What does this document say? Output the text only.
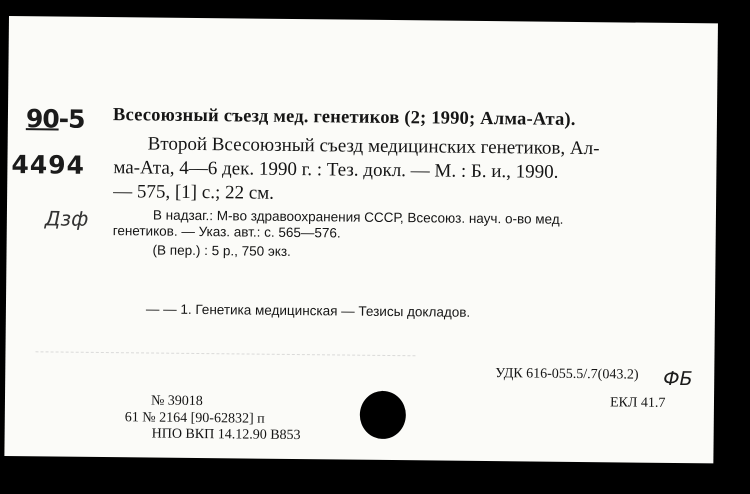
90-5
4494
Дзф
Всесоюзный съезд мед. генетиков (2; 1990; Алма-Ата).
Второй Всесоюзный съезд медицинских генетиков, Ал-
ма-Ата, 4—6 дек. 1990 г. : Тез. докл. — М. : Б. и., 1990.
— 575, [1] с.; 22 см.
В надзаг.: М-во здравоохранения СССР, Всесоюз. науч. о-во мед.
генетиков. — Указ. авт.: с. 565—576.
(В пер.) : 5 р., 750 экз.
— — 1. Генетика медицинская — Тезисы докладов.
УДК 616-055.5/.7(043.2) ФБ
ЕКЛ 41.7
№ 39018
61 № 2164 [90-62832] п
НПО ВКП 14.12.90 В853
